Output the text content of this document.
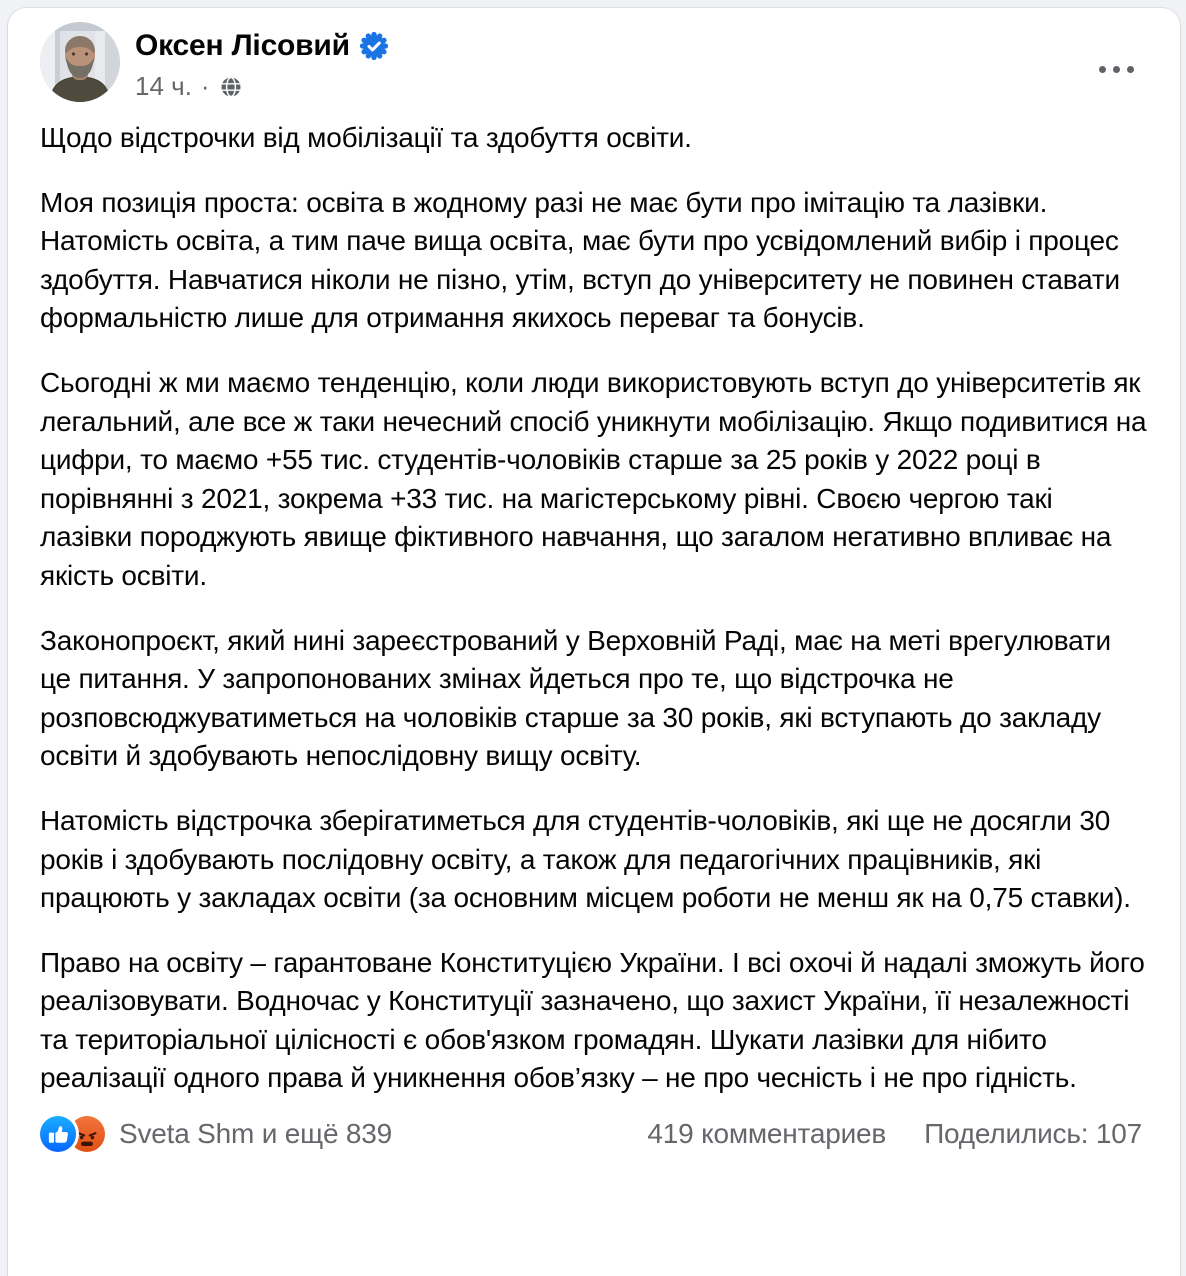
Оксен Лісовий
14 ч. ·

Щодо відстрочки від мобілізації та здобуття освіти.

Моя позиція проста: освіта в жодному разі не має бути про імітацію та лазівки. Натомість освіта, а тим паче вища освіта, має бути про усвідомлений вибір і процес здобуття. Навчатися ніколи не пізно, утім, вступ до університету не повинен ставати формальністю лише для отримання якихось переваг та бонусів.

Сьогодні ж ми маємо тенденцію, коли люди використовують вступ до університетів як легальний, але все ж таки нечесний спосіб уникнути мобілізацію. Якщо подивитися на цифри, то маємо +55 тис. студентів-чоловіків старше за 25 років у 2022 році в порівнянні з 2021, зокрема +33 тис. на магістерському рівні. Своєю чергою такі лазівки породжують явище фіктивного навчання, що загалом негативно впливає на якість освіти.

Законопроєкт, який нині зареєстрований у Верховній Раді, має на меті врегулювати це питання. У запропонованих змінах йдеться про те, що відстрочка не розповсюджуватиметься на чоловіків старше за 30 років, які вступають до закладу освіти й здобувають непослідовну вищу освіту.

Натомість відстрочка зберігатиметься для студентів-чоловіків, які ще не досягли 30 років і здобувають послідовну освіту, а також для педагогічних працівників, які працюють у закладах освіти (за основним місцем роботи не менш як на 0,75 ставки).

Право на освіту – гарантоване Конституцією України. І всі охочі й надалі зможуть його реалізовувати. Водночас у Конституції зазначено, що захист України, її незалежності та територіальної цілісності є обов'язком громадян. Шукати лазівки для нібито реалізації одного права й уникнення обов’язку – не про чесність і не про гідність.

Sveta Shm и ещё 839	419 комментариев Поделились: 107
